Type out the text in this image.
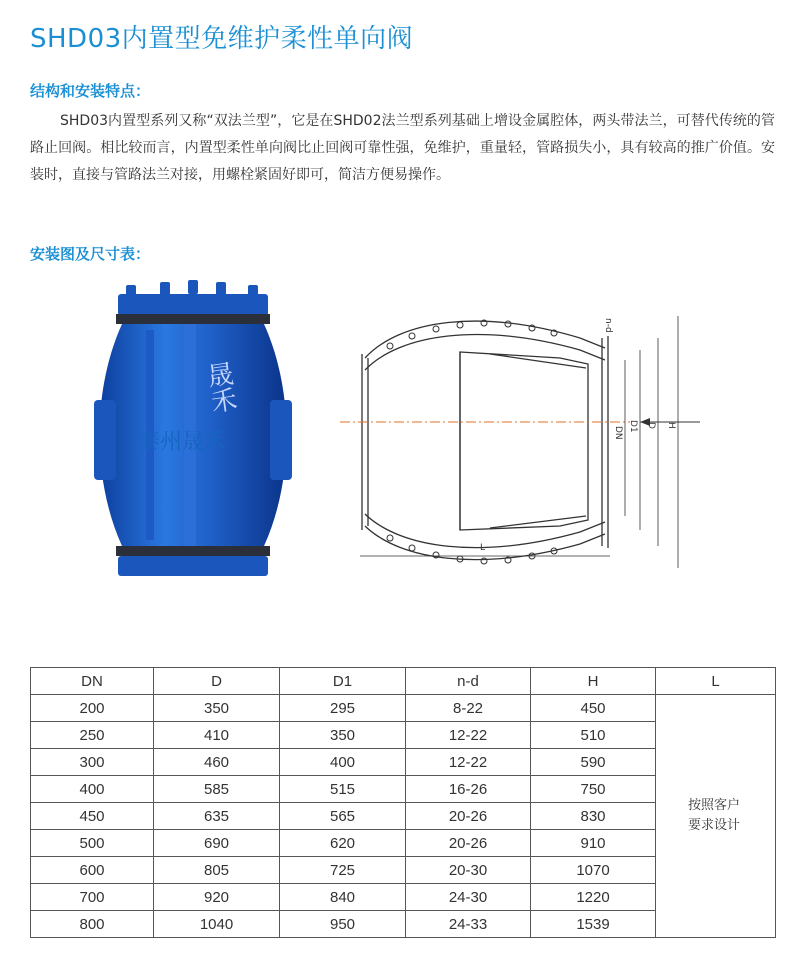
SHD03内置型免维护柔性单向阀
结构和安装特点：
SHD03内置型系列又称“双法兰型”，它是在SHD02法兰型系列基础上增设金属腔体，两头带法兰，可替代传统的管路止回阀。相比较而言，内置型柔性单向阀比止回阀可靠性强，免维护，重量轻，管路损失小，具有较高的推广价值。安装时，直接与管路法兰对接，用螺栓紧固好即可，简洁方便易操作。
安装图及尺寸表：
晟禾
泰州晟禾
L
DN D1 D H
n-d
DN	D	D1	n-d	H	L
200	350	295	8-22	450	按照客户
要求设计

250	410	350	12-22	510	
300	460	400	12-22	590	
400	585	515	16-26	750	
450	635	565	20-26	830	
500	690	620	20-26	910	
600	805	725	20-30	1070	
700	920	840	24-30	1220	
800	1040	950	24-33	1539	
